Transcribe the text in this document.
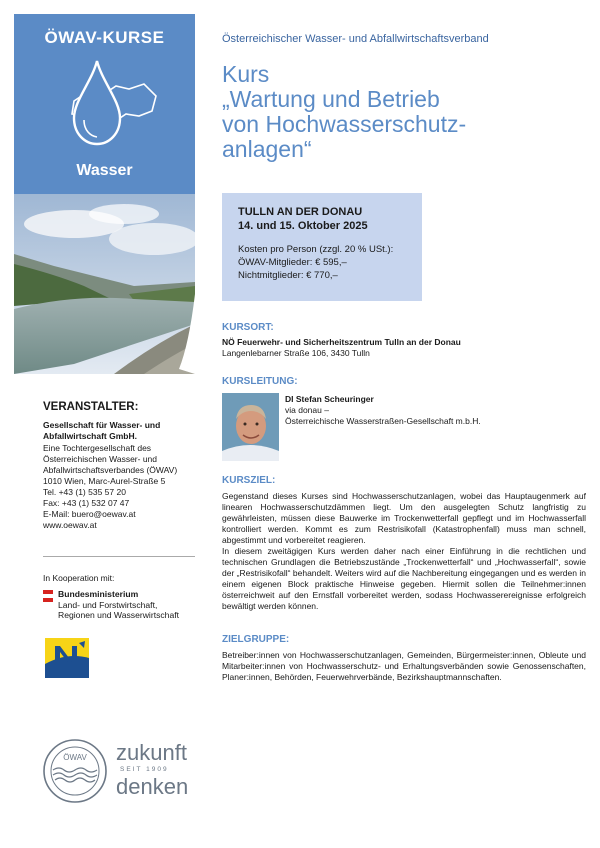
ÖWAV-KURSE
Wasser
VERANSTALTER:
Gesellschaft für Wasser- und
Abfallwirtschaft GmbH.
Eine Tochtergesellschaft des
Österreichischen Wasser- und
Abfallwirtschaftsverbandes (ÖWAV)
1010 Wien, Marc-Aurel-Straße 5
Tel. +43 (1) 535 57 20
Fax: +43 (1) 532 07 47
E-Mail: buero@oewav.at
www.oewav.at
In Kooperation mit:
Bundesministerium
Land- und Forstwirtschaft,
Regionen und Wasserwirtschaft
ÖWAV zukunft
SEIT 1909
denken
Österreichischer Wasser- und Abfallwirtschaftsverband
Kurs
„Wartung und Betrieb
von Hochwasserschutz-
anlagen“
TULLN AN DER DONAU
14. und 15. Oktober 2025
Kosten pro Person (zzgl. 20 % USt.):
ÖWAV-Mitglieder: € 595,–
Nichtmitglieder: € 770,–
KURSORT:
NÖ Feuerwehr- und Sicherheitszentrum Tulln an der Donau
Langenlebarner Straße 106, 3430 Tulln
KURSLEITUNG:
DI Stefan Scheuringer
via donau –
Österreichische Wasserstraßen-Gesellschaft m.b.H.
KURSZIEL:
Gegenstand dieses Kurses sind Hochwasserschutzanlagen, wobei das Hauptaugenmerk auf linearen Hochwasserschutzdämmen liegt. Um den ausgelegten Schutz langfristig zu gewährleisten, müssen diese Bauwerke im Trockenwetterfall gepflegt und im Hochwasserfall kontrolliert werden. Kommt es zum Restrisikofall (Katastrophenfall) muss man schnell, abgestimmt und vorbereitet reagieren.
In diesem zweitägigen Kurs werden daher nach einer Einführung in die rechtlichen und technischen Grundlagen die Betriebszustände „Trockenwetterfall“ und „Hochwasserfall“, sowie der „Restrisikofall“ behandelt. Weiters wird auf die Nachbereitung eingegangen und es werden in einem eigenen Block praktische Hinweise gegeben. Hiermit sollen die Teilnehmer:innen österreichweit auf den Ernstfall vorbereitet werden, sodass Hochwasserereignisse erfolgreich bewältigt werden können.
ZIELGRUPPE:
Betreiber:innen von Hochwasserschutzanlagen, Gemeinden, Bürgermeister:innen, Obleute und Mitarbeiter:innen von Hochwasserschutz- und Erhaltungsverbänden sowie Genossenschaften, Planer:innen, Behörden, Feuerwehrverbände, Bezirkshauptmannschaften.
